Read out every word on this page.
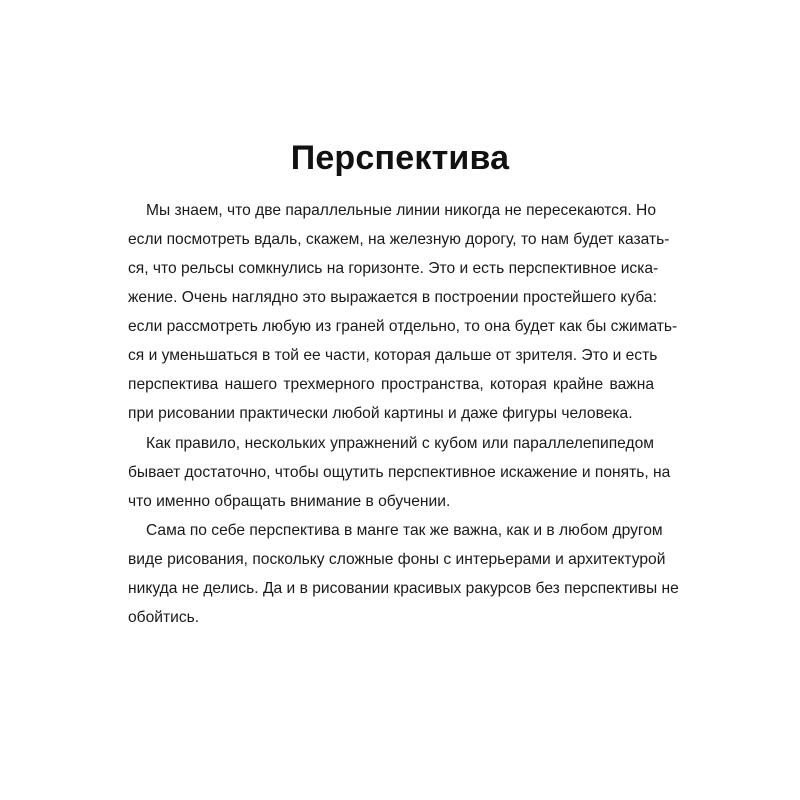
Перспектива
Мы знаем, что две параллельные линии никогда не пересекаются. Но
если посмотреть вдаль, скажем, на железную дорогу, то нам будет казать-
ся, что рельсы сомкнулись на горизонте. Это и есть перспективное иска-
жение. Очень наглядно это выражается в построении простейшего куба:
если рассмотреть любую из граней отдельно, то она будет как бы сжимать-
ся и уменьшаться в той ее части, которая дальше от зрителя. Это и есть
перспектива нашего трехмерного пространства, которая крайне важна
при рисовании практически любой картины и даже фигуры человека.
Как правило, нескольких упражнений с кубом или параллелепипедом
бывает достаточно, чтобы ощутить перспективное искажение и понять, на
что именно обращать внимание в обучении.
Сама по себе перспектива в манге так же важна, как и в любом другом
виде рисования, поскольку сложные фоны с интерьерами и архитектурой
никуда не делись. Да и в рисовании красивых ракурсов без перспективы не
обойтись.
